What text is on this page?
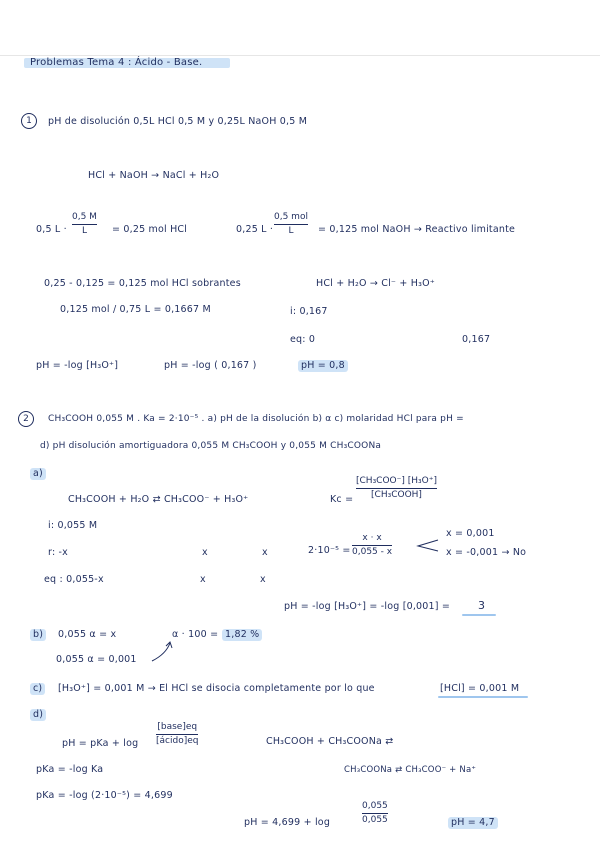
Problemas Tema 4 : Ácido - Base.
1	pH de disolución 0,5L HCl 0,5 M y 0,25L NaOH 0,5 M
HCl + NaOH → NaCl + H₂O
0,5 L ·
0,5 M
L	= 0,25 mol HCl	0,25 L ·
0,5 mol
L	= 0,125 mol NaOH → Reactivo limitante
0,25 - 0,125 = 0,125 mol HCl sobrantes	HCl + H₂O → Cl⁻ + H₃O⁺
0,125 mol / 0,75 L = 0,1667 M	i: 0,167
eq: 0	0,167
pH = -log [H₃O⁺]	pH = -log ( 0,167 )	pH = 0,8
2	CH₃COOH 0,055 M . Ka = 2·10⁻⁵ . a) pH de la disolución b) α c) molaridad HCl para pH =
d) pH disolución amortiguadora 0,055 M CH₃COOH y 0,055 M CH₃COONa
a)
CH₃COOH + H₂O ⇄ CH₃COO⁻ + H₃O⁺	Kc =
[CH₃COO⁻] [H₃O⁺]
[CH₃COOH]
i: 0,055 M
r: -x	x	x
eq : 0,055-x	x	x
2·10⁻⁵ =
x · x
0,055 - x
x = 0,001
x = -0,001 → No
pH = -log [H₃O⁺] = -log [0,001] =	3
b)	0,055 α = x
0,055 α = 0,001
α · 100 = 1,82 %
c)	[H₃O⁺] = 0,001 M → El HCl se disocia completamente por lo que	[HCl] = 0,001 M
d)
pH = pKa + log
[base]eq
[ácido]eq	CH₃COOH + CH₃COONa ⇄
CH₃COONa ⇄ CH₃COO⁻ + Na⁺
pKa = -log Ka
pKa = -log (2·10⁻⁵) = 4,699
pH = 4,699 + log
0,055
0,055	pH = 4,7
